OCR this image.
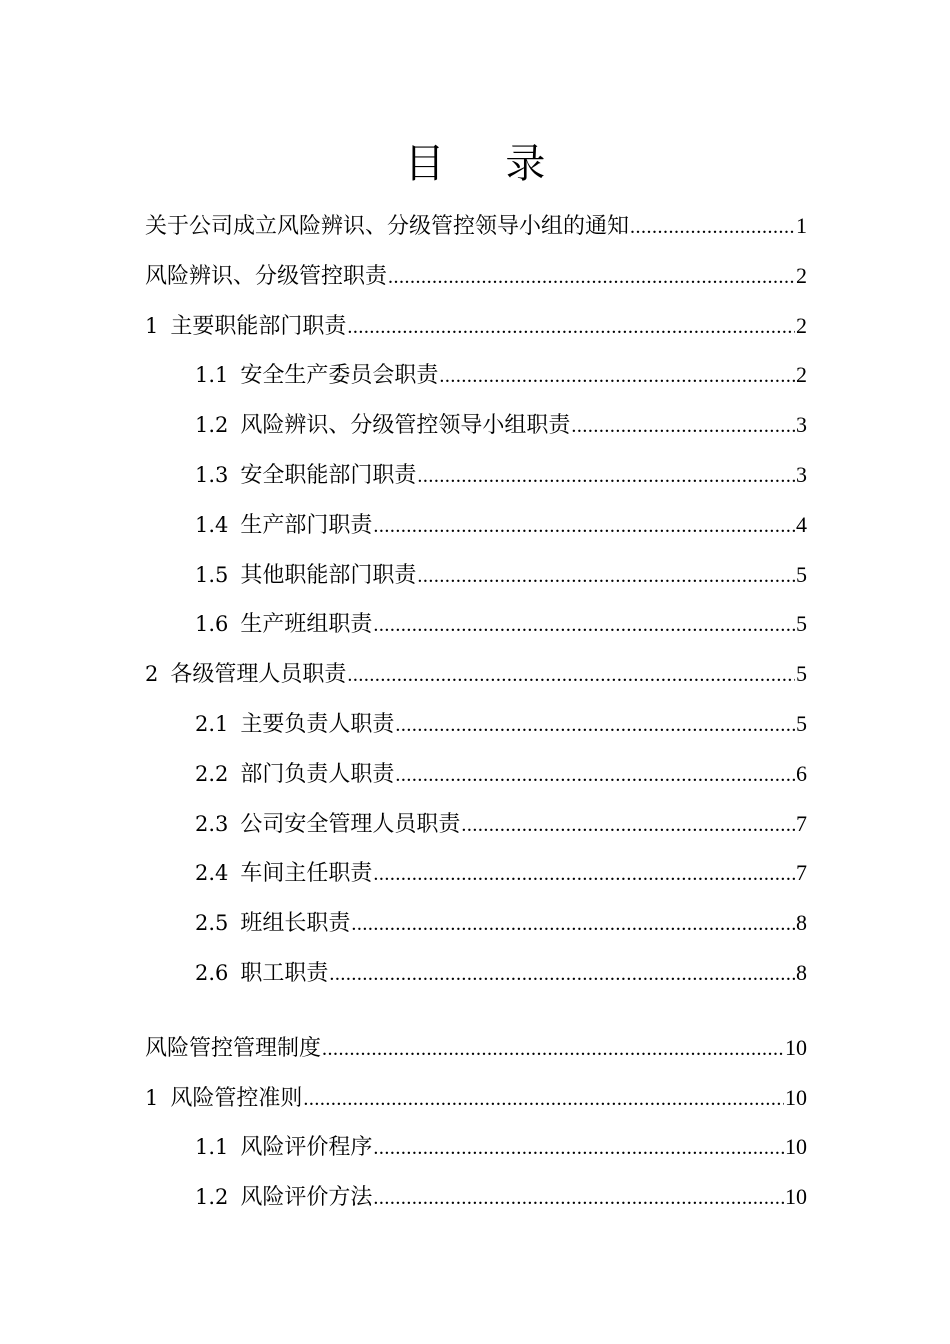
目 录
关于公司成立风险辨识、分级管控领导小组的通知 .....	1
风险辨识、分级管控职责 .....	2
1 主要职能部门职责 .....	2
1.1 安全生产委员会职责 .....	2
1.2 风险辨识、分级管控领导小组职责 .....	3
1.3 安全职能部门职责 .....	3
1.4 生产部门职责 .....	4
1.5 其他职能部门职责 .....	5
1.6 生产班组职责 .....	5
2 各级管理人员职责 .....	5
2.1 主要负责人职责 .....	5
2.2 部门负责人职责 .....	6
2.3 公司安全管理人员职责 .....	7
2.4 车间主任职责 .....	7
2.5 班组长职责 .....	8
2.6 职工职责 .....	8
风险管控管理制度 .....	10
1 风险管控准则 .....	10
1.1 风险评价程序 .....	10
1.2 风险评价方法 .....	10
